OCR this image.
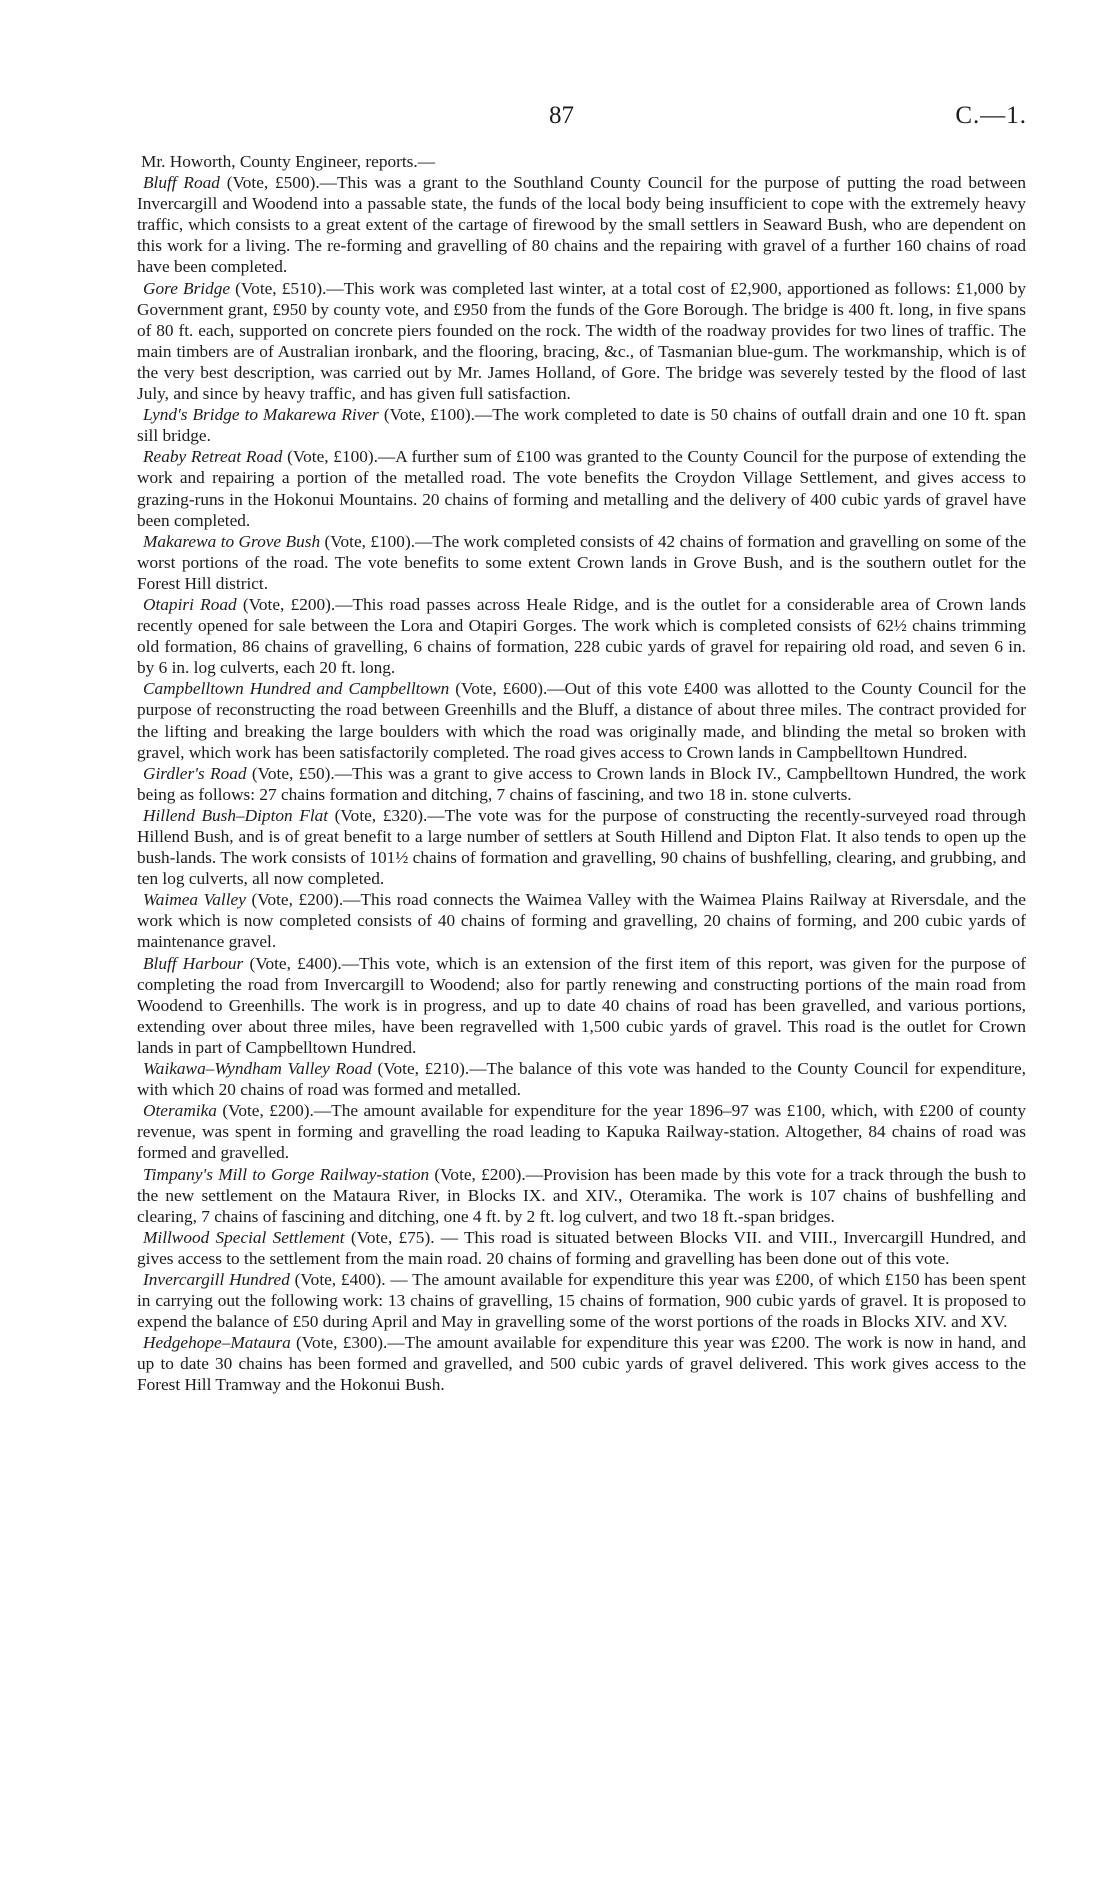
87	C.—1.

Mr. Howorth, County Engineer, reports.—

Bluff Road (Vote, £500).—This was a grant to the Southland County Council for the purpose of putting the road between Invercargill and Woodend into a passable state, the funds of the local body being insufficient to cope with the extremely heavy traffic, which consists to a great extent of the cartage of firewood by the small settlers in Seaward Bush, who are dependent on this work for a living. The re-forming and gravelling of 80 chains and the repairing with gravel of a further 160 chains of road have been completed.

Gore Bridge (Vote, £510).—This work was completed last winter, at a total cost of £2,900, apportioned as follows: £1,000 by Government grant, £950 by county vote, and £950 from the funds of the Gore Borough. The bridge is 400 ft. long, in five spans of 80 ft. each, supported on concrete piers founded on the rock. The width of the roadway provides for two lines of traffic. The main timbers are of Australian ironbark, and the flooring, bracing, &c., of Tasmanian blue-gum. The workmanship, which is of the very best description, was carried out by Mr. James Holland, of Gore. The bridge was severely tested by the flood of last July, and since by heavy traffic, and has given full satisfaction.

Lynd's Bridge to Makarewa River (Vote, £100).—The work completed to date is 50 chains of outfall drain and one 10 ft. span sill bridge.

Reaby Retreat Road (Vote, £100).—A further sum of £100 was granted to the County Council for the purpose of extending the work and repairing a portion of the metalled road. The vote benefits the Croydon Village Settlement, and gives access to grazing-runs in the Hokonui Mountains. 20 chains of forming and metalling and the delivery of 400 cubic yards of gravel have been completed.

Makarewa to Grove Bush (Vote, £100).—The work completed consists of 42 chains of formation and gravelling on some of the worst portions of the road. The vote benefits to some extent Crown lands in Grove Bush, and is the southern outlet for the Forest Hill district.

Otapiri Road (Vote, £200).—This road passes across Heale Ridge, and is the outlet for a considerable area of Crown lands recently opened for sale between the Lora and Otapiri Gorges. The work which is completed consists of 62½ chains trimming old formation, 86 chains of gravelling, 6 chains of formation, 228 cubic yards of gravel for repairing old road, and seven 6 in. by 6 in. log culverts, each 20 ft. long.

Campbelltown Hundred and Campbelltown (Vote, £600).—Out of this vote £400 was allotted to the County Council for the purpose of reconstructing the road between Greenhills and the Bluff, a distance of about three miles. The contract provided for the lifting and breaking the large boulders with which the road was originally made, and blinding the metal so broken with gravel, which work has been satisfactorily completed. The road gives access to Crown lands in Campbelltown Hundred.

Girdler's Road (Vote, £50).—This was a grant to give access to Crown lands in Block IV., Campbelltown Hundred, the work being as follows: 27 chains formation and ditching, 7 chains of fascining, and two 18 in. stone culverts.

Hillend Bush–Dipton Flat (Vote, £320).—The vote was for the purpose of constructing the recently-surveyed road through Hillend Bush, and is of great benefit to a large number of settlers at South Hillend and Dipton Flat. It also tends to open up the bush-lands. The work consists of 101½ chains of formation and gravelling, 90 chains of bushfelling, clearing, and grubbing, and ten log culverts, all now completed.

Waimea Valley (Vote, £200).—This road connects the Waimea Valley with the Waimea Plains Railway at Riversdale, and the work which is now completed consists of 40 chains of forming and gravelling, 20 chains of forming, and 200 cubic yards of maintenance gravel.

Bluff Harbour (Vote, £400).—This vote, which is an extension of the first item of this report, was given for the purpose of completing the road from Invercargill to Woodend; also for partly renewing and constructing portions of the main road from Woodend to Greenhills. The work is in progress, and up to date 40 chains of road has been gravelled, and various portions, extending over about three miles, have been regravelled with 1,500 cubic yards of gravel. This road is the outlet for Crown lands in part of Campbelltown Hundred.

Waikawa–Wyndham Valley Road (Vote, £210).—The balance of this vote was handed to the County Council for expenditure, with which 20 chains of road was formed and metalled.

Oteramika (Vote, £200).—The amount available for expenditure for the year 1896–97 was £100, which, with £200 of county revenue, was spent in forming and gravelling the road leading to Kapuka Railway-station. Altogether, 84 chains of road was formed and gravelled.

Timpany's Mill to Gorge Railway-station (Vote, £200).—Provision has been made by this vote for a track through the bush to the new settlement on the Mataura River, in Blocks IX. and XIV., Oteramika. The work is 107 chains of bushfelling and clearing, 7 chains of fascining and ditching, one 4 ft. by 2 ft. log culvert, and two 18 ft.-span bridges.

Millwood Special Settlement (Vote, £75). — This road is situated between Blocks VII. and VIII., Invercargill Hundred, and gives access to the settlement from the main road. 20 chains of forming and gravelling has been done out of this vote.

Invercargill Hundred (Vote, £400). — The amount available for expenditure this year was £200, of which £150 has been spent in carrying out the following work: 13 chains of gravelling, 15 chains of formation, 900 cubic yards of gravel. It is proposed to expend the balance of £50 during April and May in gravelling some of the worst portions of the roads in Blocks XIV. and XV.

Hedgehope–Mataura (Vote, £300).—The amount available for expenditure this year was £200. The work is now in hand, and up to date 30 chains has been formed and gravelled, and 500 cubic yards of gravel delivered. This work gives access to the Forest Hill Tramway and the Hokonui Bush.
